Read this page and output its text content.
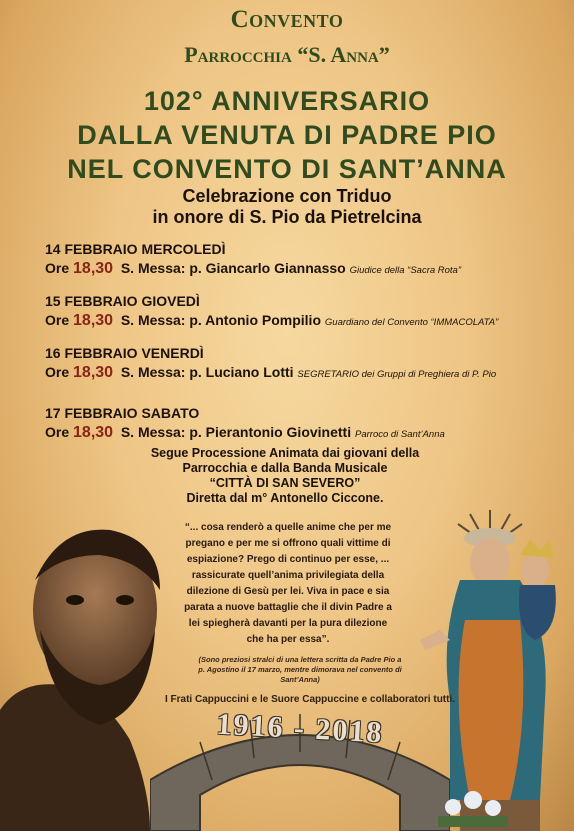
Convento
Parrocchia “S. Anna”
102° ANNIVERSARIO
DALLA VENUTA DI PADRE PIO
NEL CONVENTO DI SANT’ANNA
Celebrazione con Triduo
in onore di S. Pio da Pietrelcina
14 FEBBRAIO MERCOLEDÌ
Ore 18,30 S. Messa: p. Giancarlo Giannasso Giudice della “Sacra Rota”
15 FEBBRAIO GIOVEDÌ
Ore 18,30 S. Messa: p. Antonio Pompilio Guardiano del Convento “IMMACOLATA”
16 FEBBRAIO VENERDÌ
Ore 18,30 S. Messa: p. Luciano Lotti SEGRETARIO dei Gruppi di Preghiera di P. Pio
17 FEBBRAIO SABATO
Ore 18,30 S. Messa: p. Pierantonio Giovinetti Parroco di Sant’Anna
Segue Processione Animata dai giovani della
Parrocchia e dalla Banda Musicale
“CITTÀ DI SAN SEVERO”
Diretta dal m° Antonello Ciccone.
1916 - 2018
“... cosa renderò a quelle anime che per me
pregano e per me si offrono quali vittime di
espiazione? Prego di continuo per esse, ...
rassicurate quell’anima privilegiata della
dilezione di Gesù per lei. Viva in pace e sia
parata a nuove battaglie che il divin Padre a
lei spiegherà davanti per la pura dilezione
che ha per essa”.
(Sono preziosi stralci di una lettera scritta da Padre Pio a
p. Agostino il 17 marzo, mentre dimorava nel convento di
Sant’Anna)
I Frati Cappuccini e le Suore Cappuccine e collaboratori tutti.
